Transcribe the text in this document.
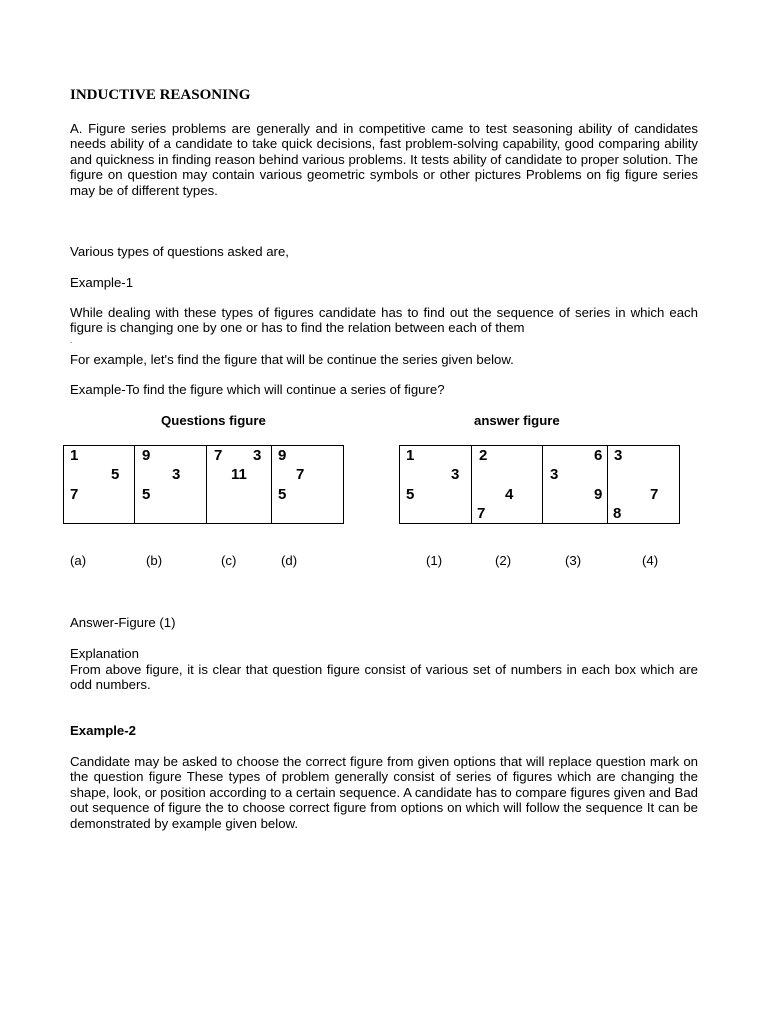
INDUCTIVE REASONING

A. Figure series problems are generally and in competitive came to test seasoning ability of candidates needs ability of a candidate to take quick decisions, fast problem-solving capability, good comparing ability and quickness in finding reason behind various problems. It tests ability of candidate to proper solution. The figure on question may contain various geometric symbols or other pictures Problems on fig figure series may be of different types.

Various types of questions asked are,

Example-1

While dealing with these types of figures candidate has to find out the sequence of series in which each figure is changing one by one or has to find the relation between each of them

.

For example, let's find the figure that will be continue the series given below.

Example-To find the figure which will continue a series of figure?

Questions figure	answer figure
1
5
7

9
3
5

7 3
11

9
7
5
1
3
5

2
4
7

6
3
9

3
7
8
(a)	(b)	(c)	(d)	(1)	(2)	(3)	(4)

Answer-Figure (1)

Explanation

From above figure, it is clear that question figure consist of various set of numbers in each box which are odd numbers.

Example-2

Candidate may be asked to choose the correct figure from given options that will replace question mark on the question figure These types of problem generally consist of series of figures which are changing the shape, look, or position according to a certain sequence. A candidate has to compare figures given and Bad out sequence of figure the to choose correct figure from options on which will follow the sequence It can be demonstrated by example given below.
